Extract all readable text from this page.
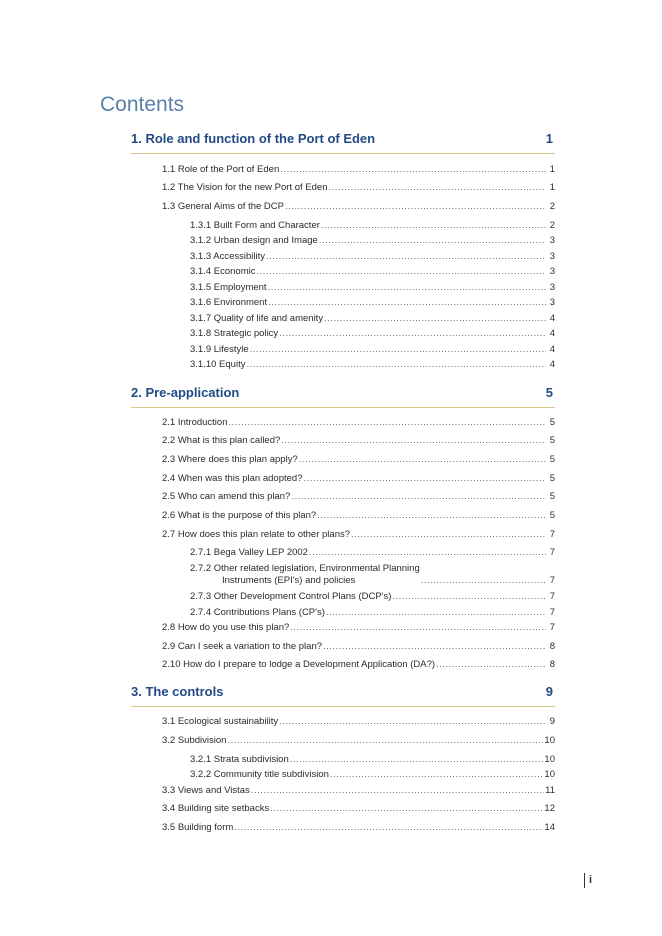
Contents
1. Role and function of the Port of Eden	1
1.1 Role of the Port of Eden .....	1
1.2 The Vision for the new Port of Eden .....	1
1.3 General Aims of the DCP .....	2
1.3.1 Built Form and Character .....	2
3.1.2 Urban design and Image .....	3
3.1.3 Accessibility .....	3
3.1.4 Economic .....	3
3.1.5 Employment .....	3
3.1.6 Environment .....	3
3.1.7 Quality of life and amenity .....	4
3.1.8 Strategic policy .....	4
3.1.9 Lifestyle .....	4
3.1.10 Equity .....	4
2. Pre-application	5
2.1 Introduction .....	5
2.2 What is this plan called? .....	5
2.3 Where does this plan apply? .....	5
2.4 When was this plan adopted? .....	5
2.5 Who can amend this plan? .....	5
2.6 What is the purpose of this plan? .....	5
2.7 How does this plan relate to other plans? .....	7
2.7.1 Bega Valley LEP 2002 .....	7
2.7.2 Other related legislation, Environmental Planning
Instruments (EPI's) and policies .....	7
2.7.3 Other Development Control Plans (DCP's) .....	7
2.7.4 Contributions Plans (CP's) .....	7
2.8 How do you use this plan? .....	7
2.9 Can I seek a variation to the plan? .....	8
2.10 How do I prepare to lodge a Development Application (DA?) .....	8
3. The controls	9
3.1 Ecological sustainability .....	9
3.2 Subdivision .....	10
3.2.1 Strata subdivision .....	10
3.2.2 Community title subdivision .....	10
3.3 Views and Vistas .....	11
3.4 Building site setbacks .....	12
3.5 Building form .....	14
i
